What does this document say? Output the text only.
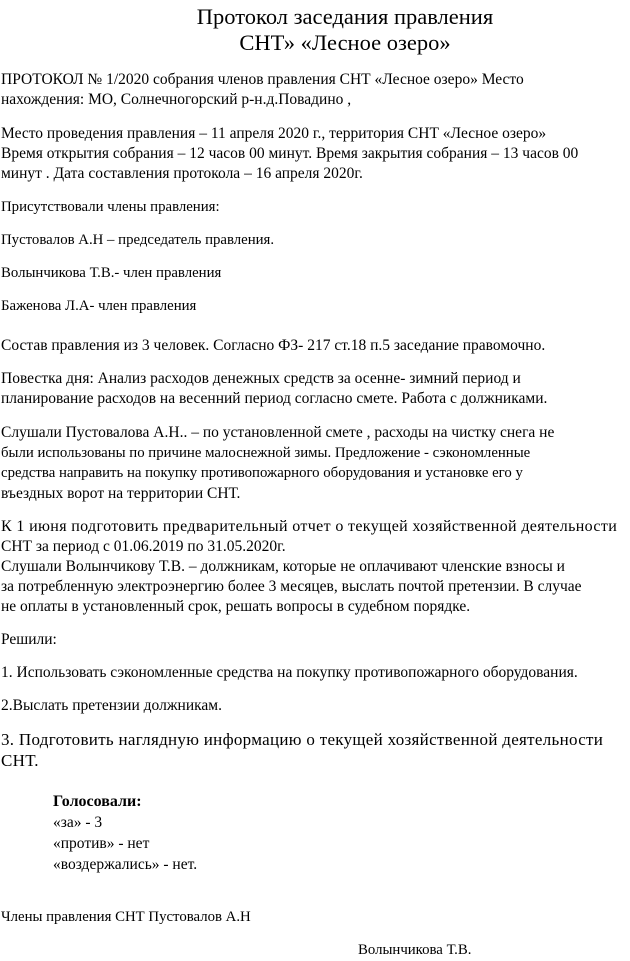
Протокол заседания правления
СНТ» «Лесное озеро»
ПРОТОКОЛ № 1/2020 собрания членов правления СНТ «Лесное озеро» Место
нахождения: МО, Солнечногорский р-н.д.Повадино ,
Место проведения правления – 11 апреля 2020 г., территория СНТ «Лесное озеро»
Время открытия собрания – 12 часов 00 минут. Время закрытия собрания – 13 часов 00
минут . Дата составления протокола – 16 апреля 2020г.
Присутствовали члены правления:
Пустовалов А.Н – председатель правления.
Волынчикова Т.В.- член правления
Баженова Л.А- член правления
Состав правления из 3 человек. Согласно ФЗ- 217 ст.18 п.5 заседание правомочно.
Повестка дня: Анализ расходов денежных средств за осенне- зимний период и
планирование расходов на весенний период согласно смете. Работа с должниками.
Слушали Пустовалова А.Н.. – по установленной смете , расходы на чистку снега не
были использованы по причине малоснежной зимы. Предложение - сэкономленные
средства направить на покупку противопожарного оборудования и установке его у
въездных ворот на территории СНТ.
К 1 июня подготовить предварительный отчет о текущей хозяйственной деятельности
СНТ за период с 01.06.2019 по 31.05.2020г.
Слушали Волынчикову Т.В. – должникам, которые не оплачивают членские взносы и
за потребленную электроэнергию более 3 месяцев, выслать почтой претензии. В случае
не оплаты в установленный срок, решать вопросы в судебном порядке.
Решили:
1. Использовать сэкономленные средства на покупку противопожарного оборудования.
2.Выслать претензии должникам.
3. Подготовить наглядную информацию о текущей хозяйственной деятельности
СНТ.
Голосовали:
«за» - 3
«против» - нет
«воздержались» - нет.
Члены правления СНТ Пустовалов А.Н
Волынчикова Т.В.
